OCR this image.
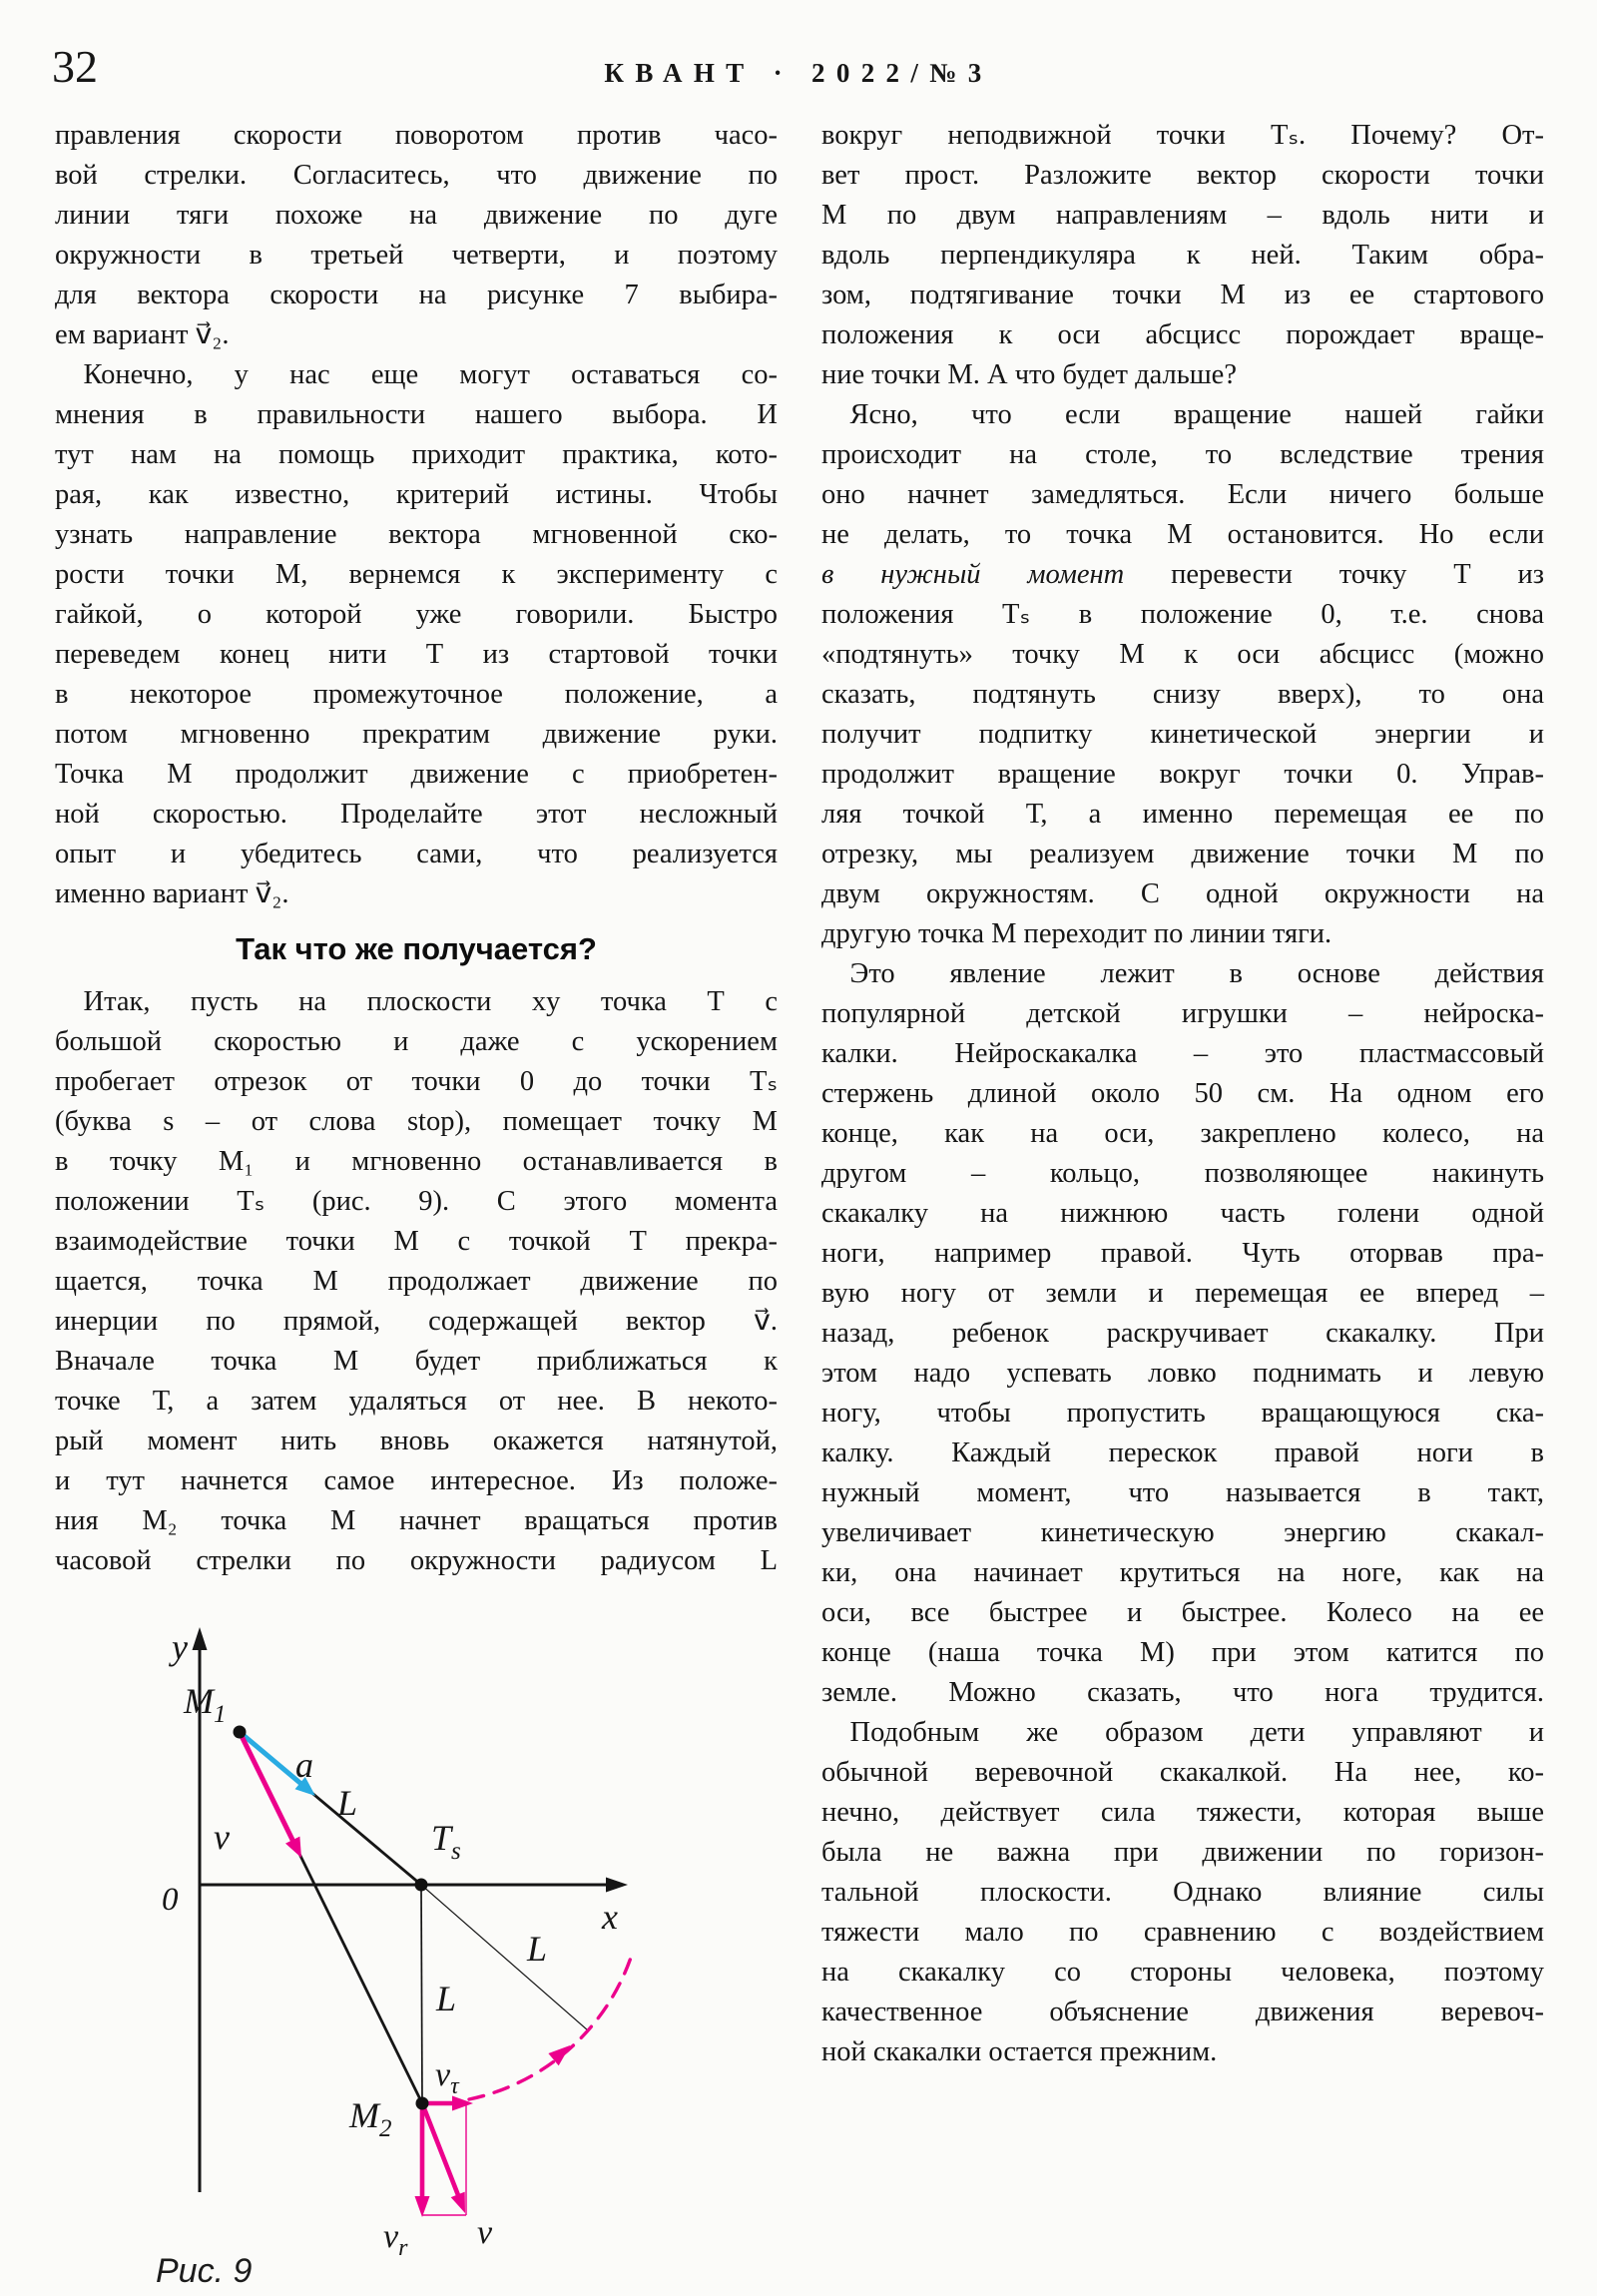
32	КВАНТ · 2022/№3
правления скорости поворотом против часо-
вой стрелки. Согласитесь, что движение по
линии тяги похоже на движение по дуге
окружности в третьей четверти, и поэтому
для вектора скорости на рисунке 7 выбира-
ем вариант v⃗₂.
 Конечно, у нас еще могут оставаться со-
мнения в правильности нашего выбора. И
тут нам на помощь приходит практика, кото-
рая, как известно, критерий истины. Чтобы
узнать направление вектора мгновенной ско-
рости точки М, вернемся к эксперименту с
гайкой, о которой уже говорили. Быстро
переведем конец нити Т из стартовой точки
в некоторое промежуточное положение, а
потом мгновенно прекратим движение руки.
Точка М продолжит движение с приобретен-
ной скоростью. Проделайте этот несложный
опыт и убедитесь сами, что реализуется
именно вариант v⃗₂.
Так что же получается?
 Итак, пусть на плоскости xy точка Т с
большой скоростью и даже с ускорением
пробегает отрезок от точки 0 до точки Tₛ
(буква s – от слова stop), помещает точку М
в точку М₁ и мгновенно останавливается в
положении Tₛ (рис. 9). С этого момента
взаимодействие точки М с точкой Т прекра-
щается, точка М продолжает движение по
инерции по прямой, содержащей вектор v⃗.
Вначале точка М будет приближаться к
точке Т, а затем удаляться от нее. В некото-
рый момент нить вновь окажется натянутой,
и тут начнется самое интересное. Из положе-
ния М₂ точка М начнет вращаться против
часовой стрелки по окружности радиусом L
вокруг неподвижной точки Tₛ. Почему? От-
вет прост. Разложите вектор скорости точки
М по двум направлениям – вдоль нити и
вдоль перпендикуляра к ней. Таким обра-
зом, подтягивание точки М из ее стартового
положения к оси абсцисс порождает враще-
ние точки М. А что будет дальше?
 Ясно, что если вращение нашей гайки
происходит на столе, то вследствие трения
оно начнет замедляться. Если ничего больше
не делать, то точка М остановится. Но если
в нужный момент перевести точку Т из
положения Tₛ в положение 0, т.е. снова
«подтянуть» точку М к оси абсцисс (можно
сказать, подтянуть снизу вверх), то она
получит подпитку кинетической энергии и
продолжит вращение вокруг точки 0. Управ-
ляя точкой Т, а именно перемещая ее по
отрезку, мы реализуем движение точки М по
двум окружностям. С одной окружности на
другую точка М переходит по линии тяги.
 Это явление лежит в основе действия
популярной детской игрушки – нейроска-
калки. Нейроскакалка – это пластмассовый
стержень длиной около 50 см. На одном его
конце, как на оси, закреплено колесо, на
другом – кольцо, позволяющее накинуть
скакалку на нижнюю часть голени одной
ноги, например правой. Чуть оторвав пра-
вую ногу от земли и перемещая ее вперед –
назад, ребенок раскручивает скакалку. При
этом надо успевать ловко поднимать и левую
ногу, чтобы пропустить вращающуюся ска-
калку. Каждый перескок правой ноги в
нужный момент, что называется в такт,
увеличивает кинетическую энергию скакал-
ки, она начинает крутиться на ноге, как на
оси, все быстрее и быстрее. Колесо на ее
конце (наша точка М) при этом катится по
земле. Можно сказать, что нога трудится.
 Подобным же образом дети управляют и
обычной веревочной скакалкой. На нее, ко-
нечно, действует сила тяжести, которая выше
была не важна при движении по горизон-
тальной плоскости. Однако влияние силы
тяжести мало по сравнению с воздействием
на скакалку со стороны человека, поэтому
качественное объяснение движения веревоч-
ной скакалки остается прежним.
y
x
0
$M_1$
$T_s$
$M_2$
L
L
L
a
v
$v_\tau$
$v_r$ v
Рис. 9
